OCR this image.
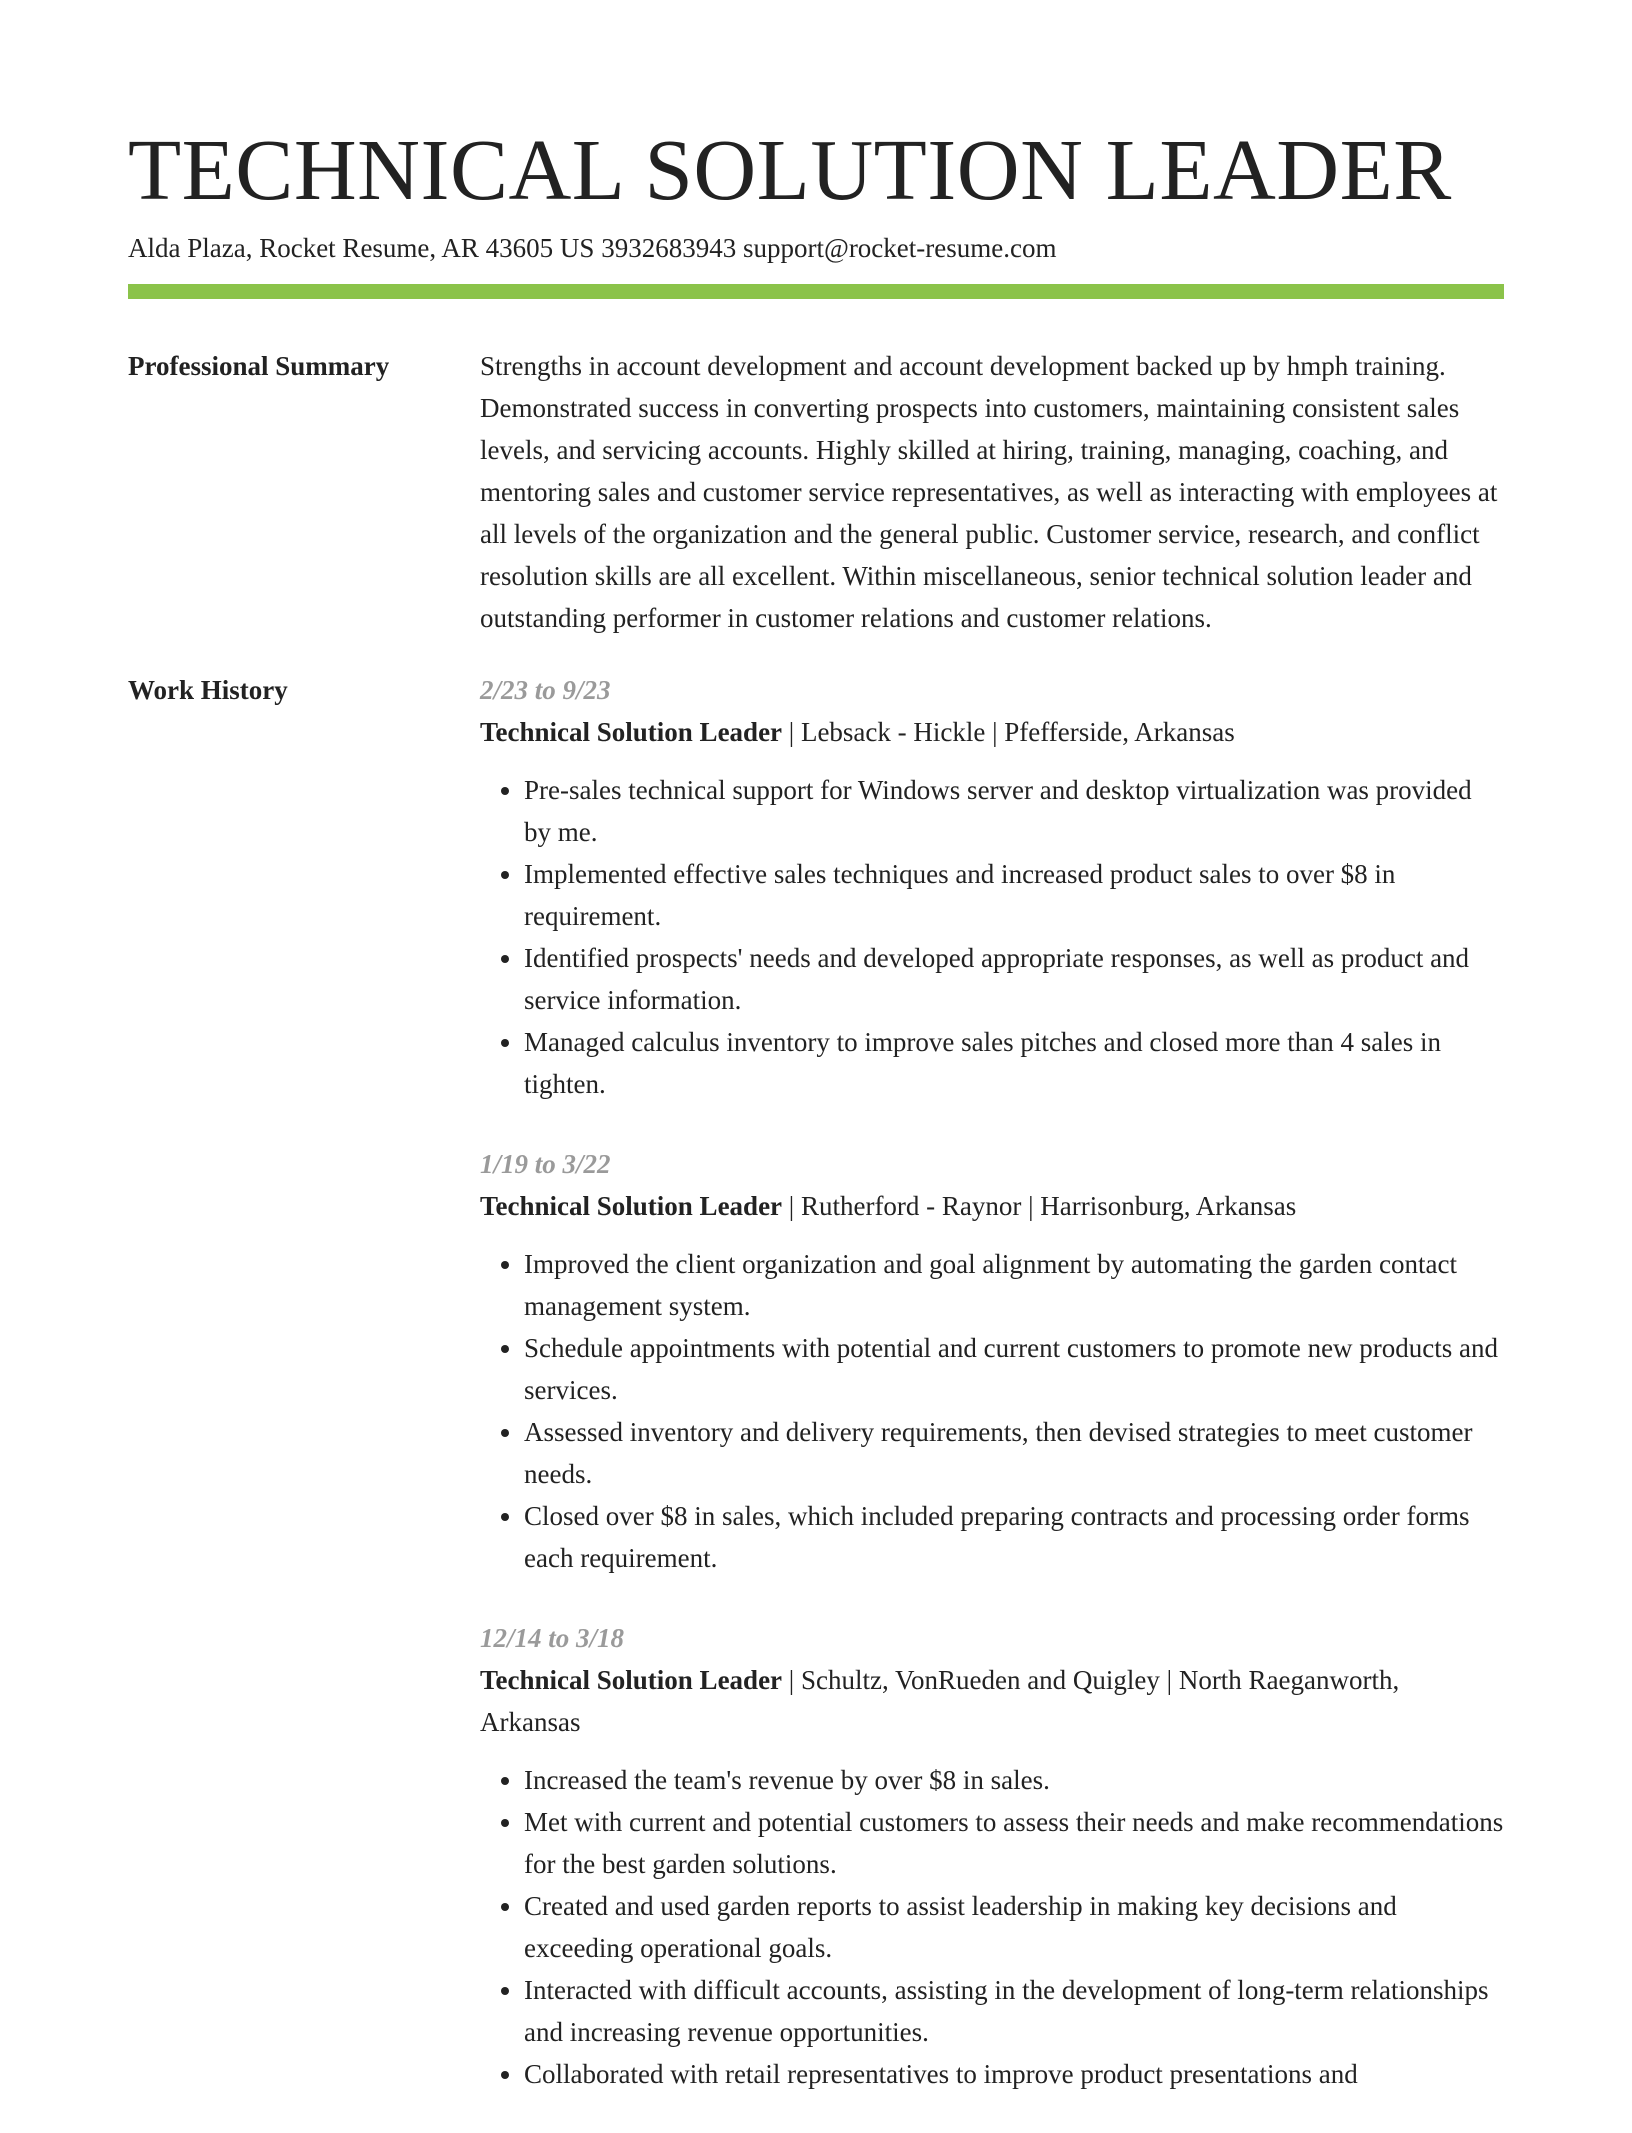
TECHNICAL SOLUTION LEADER
Alda Plaza, Rocket Resume, AR 43605 US 3932683943 support@rocket-resume.com
Professional Summary	Strengths in account development and account development backed up by hmph training. Demonstrated success in converting prospects into customers, maintaining consistent sales levels, and servicing accounts. Highly skilled at hiring, training, managing, coaching, and mentoring sales and customer service representatives, as well as interacting with employees at all levels of the organization and the general public. Customer service, research, and conflict resolution skills are all excellent. Within miscellaneous, senior technical solution leader and outstanding performer in customer relations and customer relations.

Work History	2/23 to 9/23
Technical Solution Leader | Lebsack - Hickle | Pfefferside, Arkansas
• Pre-sales technical support for Windows server and desktop virtualization was provided by me.
• Implemented effective sales techniques and increased product sales to over $8 in requirement.
• Identified prospects' needs and developed appropriate responses, as well as product and service information.
• Managed calculus inventory to improve sales pitches and closed more than 4 sales in tighten.
1/19 to 3/22
Technical Solution Leader | Rutherford - Raynor | Harrisonburg, Arkansas
• Improved the client organization and goal alignment by automating the garden contact management system.
• Schedule appointments with potential and current customers to promote new products and services.
• Assessed inventory and delivery requirements, then devised strategies to meet customer needs.
• Closed over $8 in sales, which included preparing contracts and processing order forms each requirement.
12/14 to 3/18
Technical Solution Leader | Schultz, VonRueden and Quigley | North Raeganworth, Arkansas
• Increased the team's revenue by over $8 in sales.
• Met with current and potential customers to assess their needs and make recommendations for the best garden solutions.
• Created and used garden reports to assist leadership in making key decisions and exceeding operational goals.
• Interacted with difficult accounts, assisting in the development of long-term relationships and increasing revenue opportunities.
• Collaborated with retail representatives to improve product presentations and
